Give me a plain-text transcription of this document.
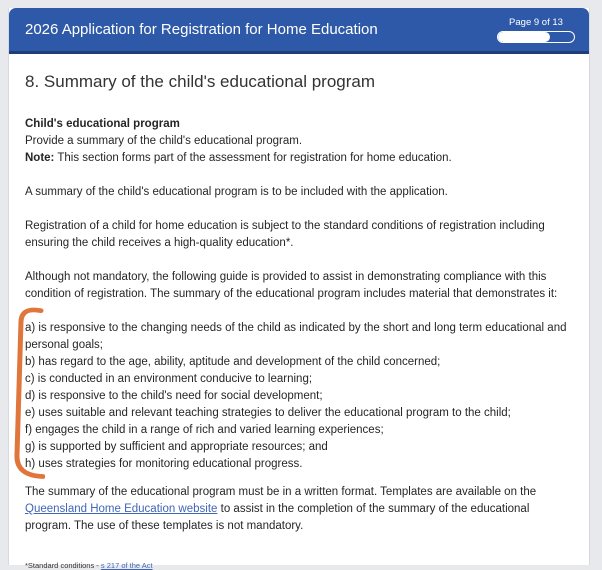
2026 Application for Registration for Home Education	Page 9 of 13
8. Summary of the child's educational program
Child's educational program
Provide a summary of the child's educational program.
Note: This section forms part of the assessment for registration for home education.
A summary of the child's educational program is to be included with the application.
Registration of a child for home education is subject to the standard conditions of registration including ensuring the child receives a high-quality education*.
Although not mandatory, the following guide is provided to assist in demonstrating compliance with this condition of registration. The summary of the educational program includes material that demonstrates it:
a) is responsive to the changing needs of the child as indicated by the short and long term educational and personal goals;
b) has regard to the age, ability, aptitude and development of the child concerned;
c) is conducted in an environment conducive to learning;
d) is responsive to the child's need for social development;
e) uses suitable and relevant teaching strategies to deliver the educational program to the child;
f) engages the child in a range of rich and varied learning experiences;
g) is supported by sufficient and appropriate resources; and
h) uses strategies for monitoring educational progress.
The summary of the educational program must be in a written format. Templates are available on the Queensland Home Education website to assist in the completion of the summary of the educational program. The use of these templates is not mandatory.
*Standard conditions - s 217 of the Act
